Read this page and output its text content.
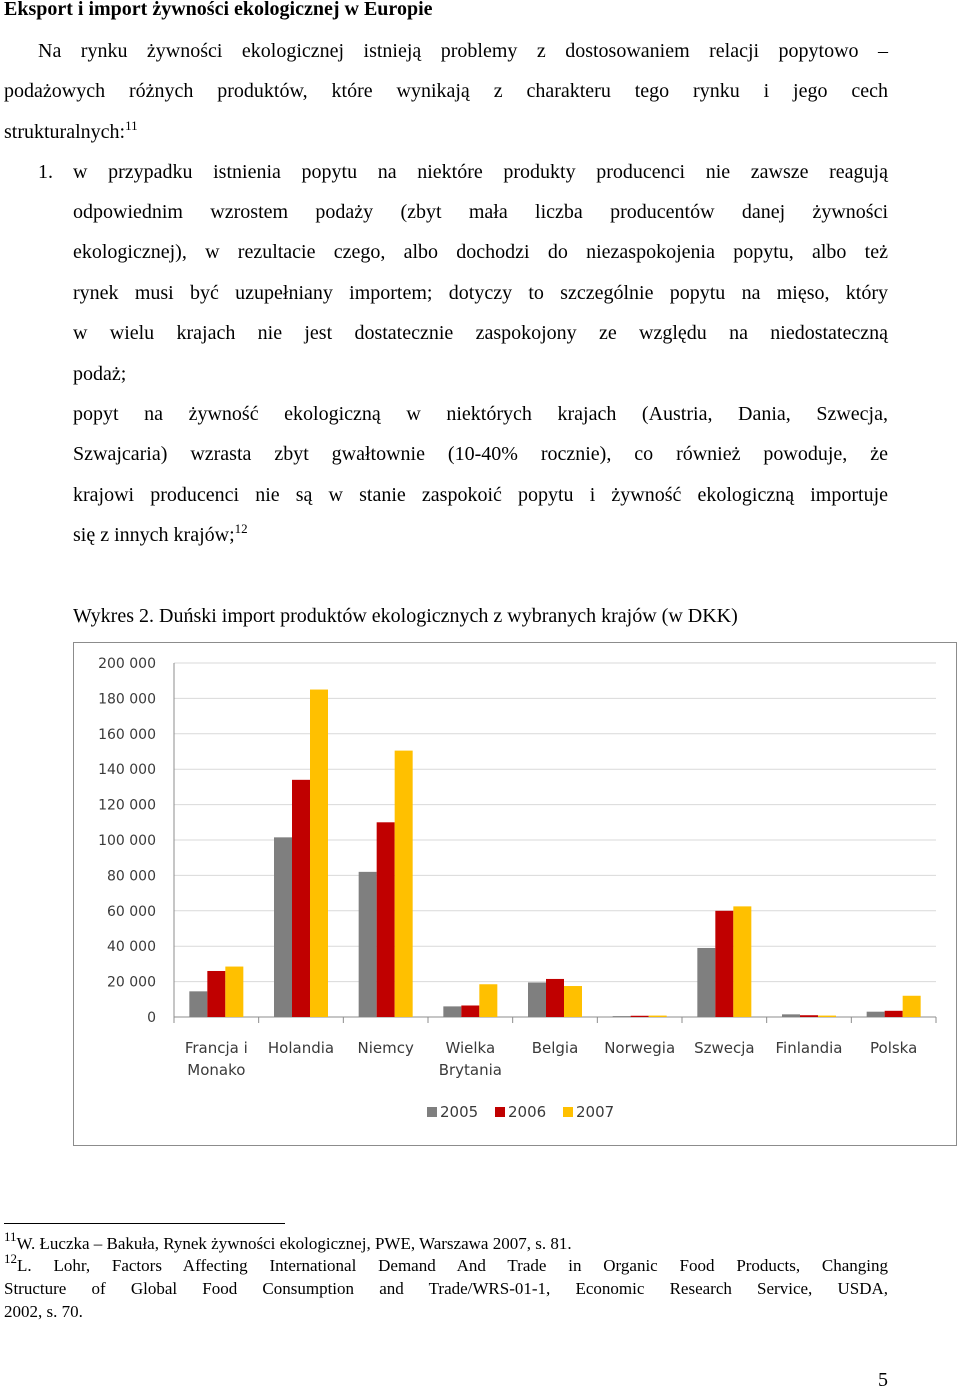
Eksport i import żywności ekologicznej w Europie
Na rynku żywności ekologicznej istnieją problemy z dostosowaniem relacji popytowo –
podażowych różnych produktów, które wynikają z charakteru tego rynku i jego cech
strukturalnych:$^{11}$
1. w przypadku istnienia popytu na niektóre produkty producenci nie zawsze reagują
odpowiednim wzrostem podaży (zbyt mała liczba producentów danej żywności
ekologicznej), w rezultacie czego, albo dochodzi do niezaspokojenia popytu, albo też
rynek musi być uzupełniany importem; dotyczy to szczególnie popytu na mięso, który
w wielu krajach nie jest dostatecznie zaspokojony ze względu na niedostateczną
podaż;
popyt na żywność ekologiczną w niektórych krajach (Austria, Dania, Szwecja,
Szwajcaria) wzrasta zbyt gwałtownie (10-40% rocznie), co również powoduje, że
krajowi producenci nie są w stanie zaspokoić popytu i żywność ekologiczną importuje
się z innych krajów;$^{12}$
Wykres 2. Duński import produktów ekologicznych z wybranych krajów (w DKK)
0
20 000
40 000
60 000
80 000
100 000
120 000
140 000
160 000
180 000
200 000
Francja i
Monako
Holandia Niemcy Wielka
Brytania
Belgia Norwegia Szwecja Finlandia Polska
2005 2006 2007
$^{11}$W. Łuczka – Bakuła, Rynek żywności ekologicznej, PWE, Warszawa 2007, s. 81.
$^{12}$L. Lohr, Factors Affecting International Demand And Trade in Organic Food Products, Changing
Structure of Global Food Consumption and Trade/WRS-01-1, Economic Research Service, USDA,
2002, s. 70.
5
